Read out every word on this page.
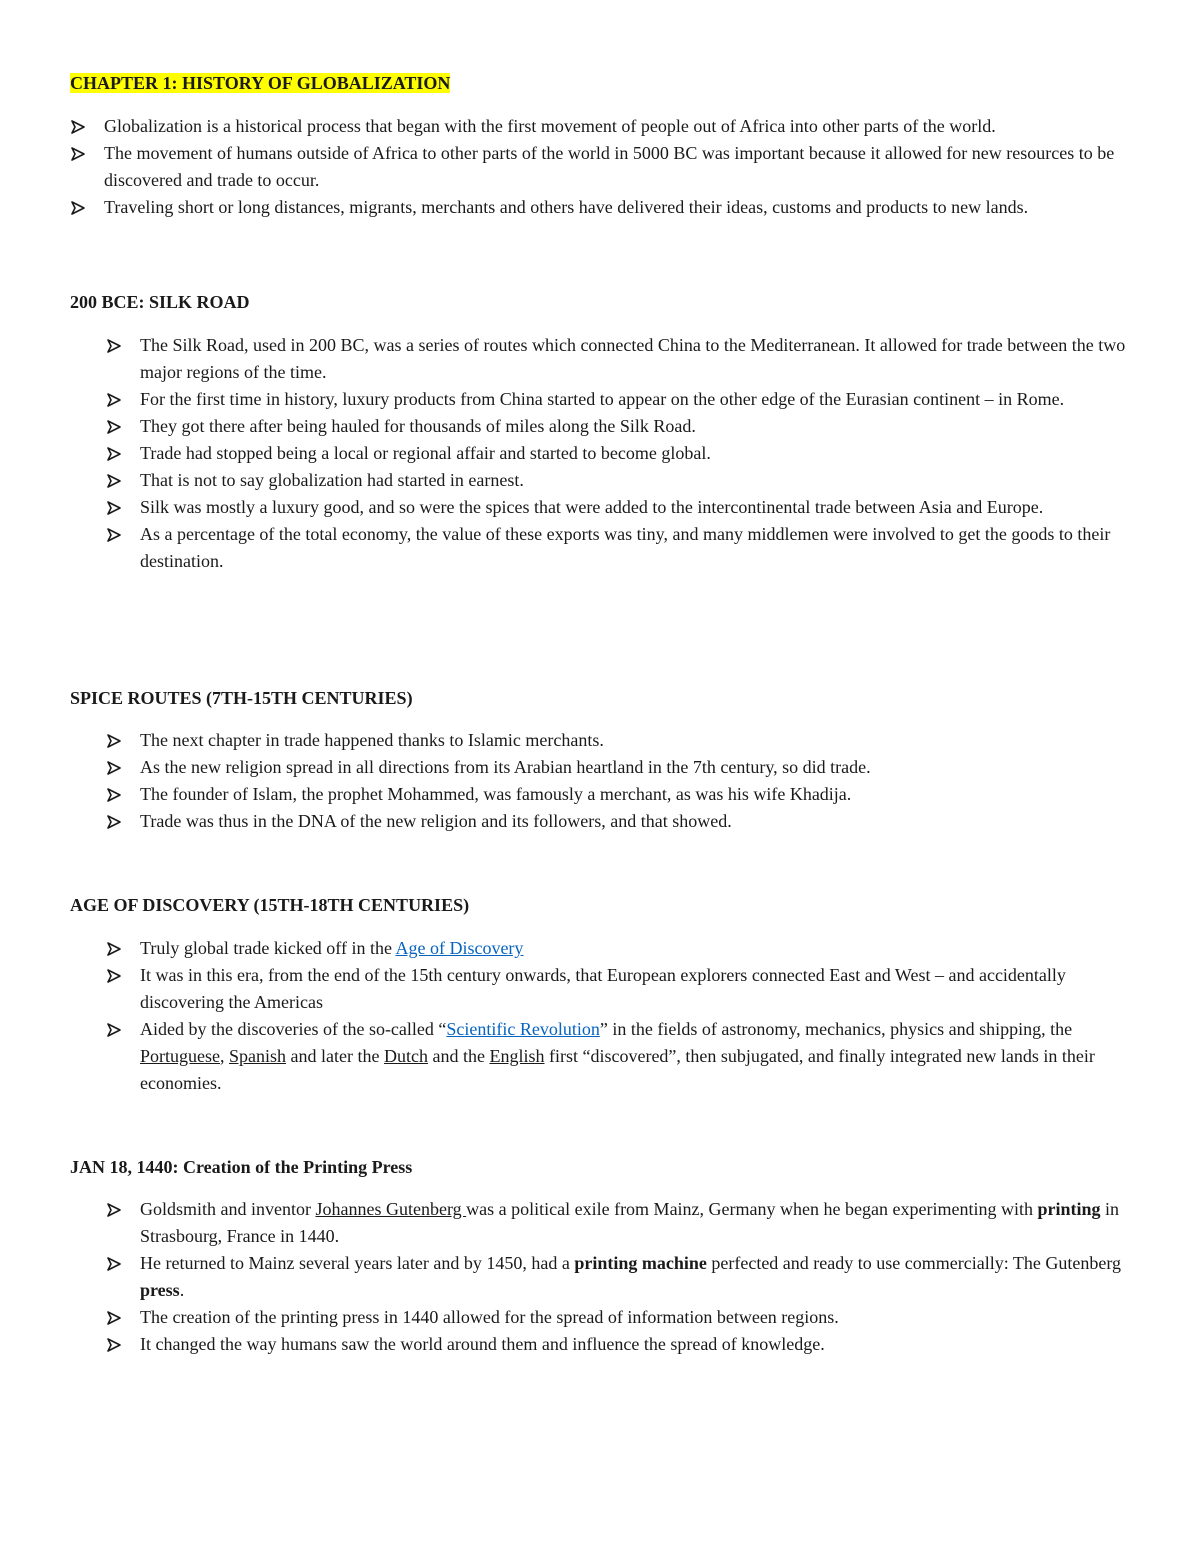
CHAPTER 1: HISTORY OF GLOBALIZATION
Globalization is a historical process that began with the first movement of people out of Africa into other parts of the world.
The movement of humans outside of Africa to other parts of the world in 5000 BC was important because it allowed for new resources to be discovered and trade to occur.
Traveling short or long distances, migrants, merchants and others have delivered their ideas, customs and products to new lands.
200 BCE: SILK ROAD
The Silk Road, used in 200 BC, was a series of routes which connected China to the Mediterranean. It allowed for trade between the two major regions of the time.
For the first time in history, luxury products from China started to appear on the other edge of the Eurasian continent – in Rome.
They got there after being hauled for thousands of miles along the Silk Road.
Trade had stopped being a local or regional affair and started to become global.
That is not to say globalization had started in earnest.
Silk was mostly a luxury good, and so were the spices that were added to the intercontinental trade between Asia and Europe.
As a percentage of the total economy, the value of these exports was tiny, and many middlemen were involved to get the goods to their destination.
SPICE ROUTES (7TH-15TH CENTURIES)
The next chapter in trade happened thanks to Islamic merchants.
As the new religion spread in all directions from its Arabian heartland in the 7th century, so did trade.
The founder of Islam, the prophet Mohammed, was famously a merchant, as was his wife Khadija.
Trade was thus in the DNA of the new religion and its followers, and that showed.
AGE OF DISCOVERY (15TH-18TH CENTURIES)
Truly global trade kicked off in the Age of Discovery
It was in this era, from the end of the 15th century onwards, that European explorers connected East and West – and accidentally discovering the Americas
Aided by the discoveries of the so-called “Scientific Revolution” in the fields of astronomy, mechanics, physics and shipping, the Portuguese, Spanish and later the Dutch and the English first “discovered”, then subjugated, and finally integrated new lands in their economies.
JAN 18, 1440: Creation of the Printing Press
Goldsmith and inventor Johannes Gutenberg was a political exile from Mainz, Germany when he began experimenting with printing in Strasbourg, France in 1440.
He returned to Mainz several years later and by 1450, had a printing machine perfected and ready to use commercially: The Gutenberg press.
The creation of the printing press in 1440 allowed for the spread of information between regions.
It changed the way humans saw the world around them and influence the spread of knowledge.
